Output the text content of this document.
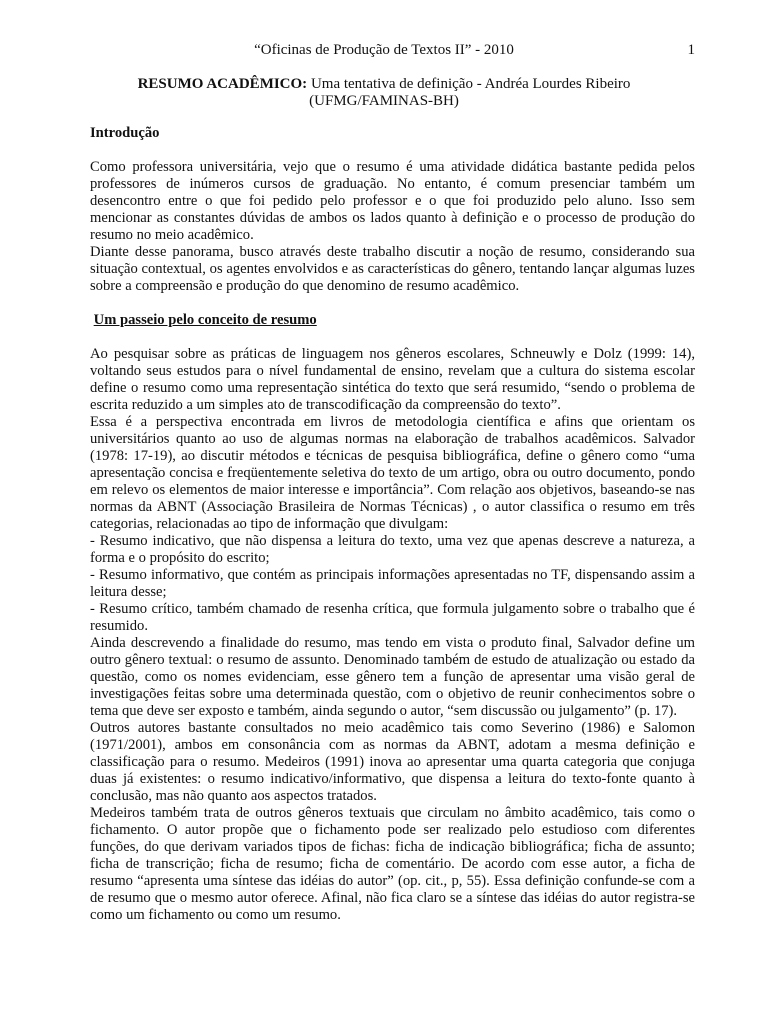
“Oficinas de Produção de Textos II” - 2010	1
RESUMO ACADÊMICO: Uma tentativa de definição - Andréa Lourdes Ribeiro
(UFMG/FAMINAS-BH)

Introdução

Como professora universitária, vejo que o resumo é uma atividade didática bastante pedida pelos professores de inúmeros cursos de graduação. No entanto, é comum presenciar também um desencontro entre o que foi pedido pelo professor e o que foi produzido pelo aluno. Isso sem mencionar as constantes dúvidas de ambos os lados quanto à definição e o processo de produção do resumo no meio acadêmico.

Diante desse panorama, busco através deste trabalho discutir a noção de resumo, considerando sua situação contextual, os agentes envolvidos e as características do gênero, tentando lançar algumas luzes sobre a compreensão e produção do que denomino de resumo acadêmico.

Um passeio pelo conceito de resumo

Ao pesquisar sobre as práticas de linguagem nos gêneros escolares, Schneuwly e Dolz (1999: 14), voltando seus estudos para o nível fundamental de ensino, revelam que a cultura do sistema escolar define o resumo como uma representação sintética do texto que será resumido, “sendo o problema de escrita reduzido a um simples ato de transcodificação da compreensão do texto”.

Essa é a perspectiva encontrada em livros de metodologia científica e afins que orientam os universitários quanto ao uso de algumas normas na elaboração de trabalhos acadêmicos. Salvador (1978: 17-19), ao discutir métodos e técnicas de pesquisa bibliográfica, define o gênero como “uma apresentação concisa e freqüentemente seletiva do texto de um artigo, obra ou outro documento, pondo em relevo os elementos de maior interesse e importância”. Com relação aos objetivos, baseando-se nas normas da ABNT (Associação Brasileira de Normas Técnicas) , o autor classifica o resumo em três categorias, relacionadas ao tipo de informação que divulgam:

- Resumo indicativo, que não dispensa a leitura do texto, uma vez que apenas descreve a natureza, a forma e o propósito do escrito;

- Resumo informativo, que contém as principais informações apresentadas no TF, dispensando assim a leitura desse;

- Resumo crítico, também chamado de resenha crítica, que formula julgamento sobre o trabalho que é resumido.

Ainda descrevendo a finalidade do resumo, mas tendo em vista o produto final, Salvador define um outro gênero textual: o resumo de assunto. Denominado também de estudo de atualização ou estado da questão, como os nomes evidenciam, esse gênero tem a função de apresentar uma visão geral de investigações feitas sobre uma determinada questão, com o objetivo de reunir conhecimentos sobre o tema que deve ser exposto e também, ainda segundo o autor, “sem discussão ou julgamento” (p. 17).

Outros autores bastante consultados no meio acadêmico tais como Severino (1986) e Salomon (1971/2001), ambos em consonância com as normas da ABNT, adotam a mesma definição e classificação para o resumo. Medeiros (1991) inova ao apresentar uma quarta categoria que conjuga duas já existentes: o resumo indicativo/informativo, que dispensa a leitura do texto-fonte quanto à conclusão, mas não quanto aos aspectos tratados.

Medeiros também trata de outros gêneros textuais que circulam no âmbito acadêmico, tais como o fichamento. O autor propõe que o fichamento pode ser realizado pelo estudioso com diferentes funções, do que derivam variados tipos de fichas: ficha de indicação bibliográfica; ficha de assunto; ficha de transcrição; ficha de resumo; ficha de comentário. De acordo com esse autor, a ficha de resumo “apresenta uma síntese das idéias do autor” (op. cit., p, 55). Essa definição confunde-se com a de resumo que o mesmo autor oferece. Afinal, não fica claro se a síntese das idéias do autor registra-se como um fichamento ou como um resumo.
